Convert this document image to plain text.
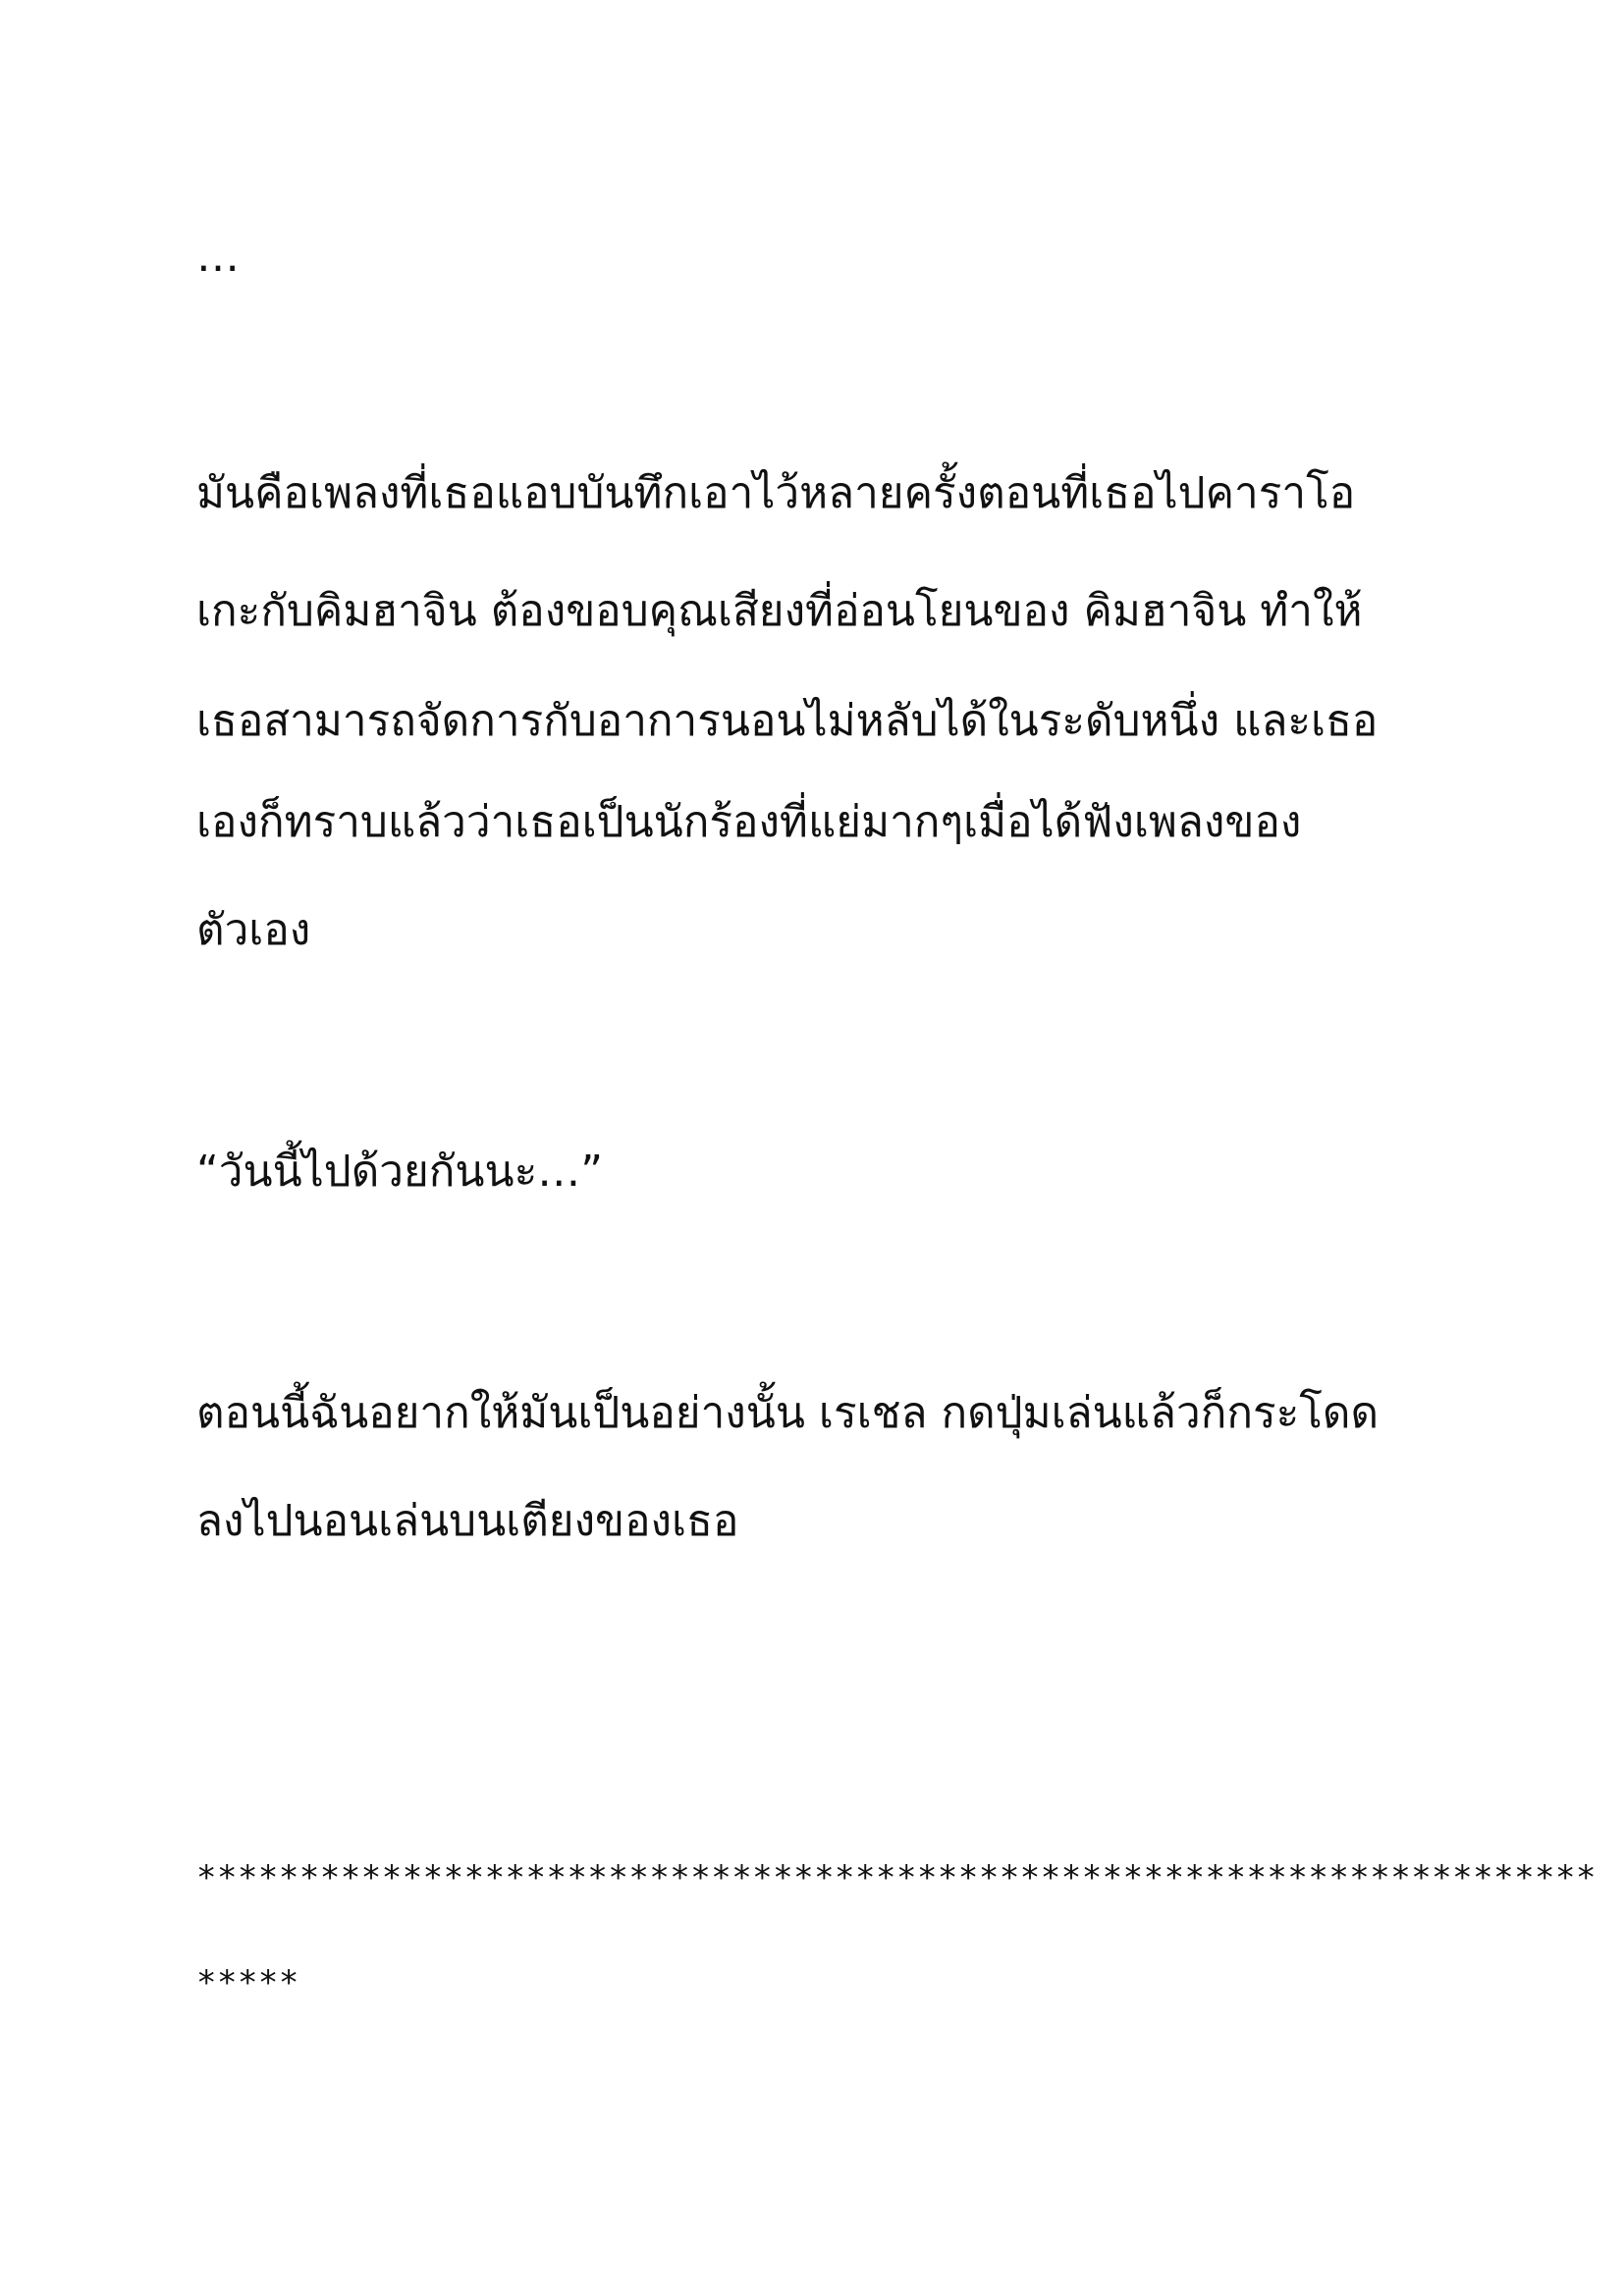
…
มันคือเพลงที่เธอแอบบันทึกเอาไว้หลายครั้งตอนที่เธอไปคาราโอ
เกะกับคิมฮาจิน ต้องขอบคุณเสียงที่อ่อนโยนของ คิมฮาจิน ทำให้
เธอสามารถจัดการกับอาการนอนไม่หลับได้ในระดับหนึ่ง และเธอ
เองก็ทราบแล้วว่าเธอเป็นนักร้องที่แย่มากๆเมื่อได้ฟังเพลงของ
ตัวเอง
“วันนี้ไปด้วยกันนะ…”
ตอนนี้ฉันอยากให้มันเป็นอย่างนั้น เรเชล กดปุ่มเล่นแล้วก็กระโดด
ลงไปนอนเล่นบนเตียงของเธอ
********************************************************************
*****
